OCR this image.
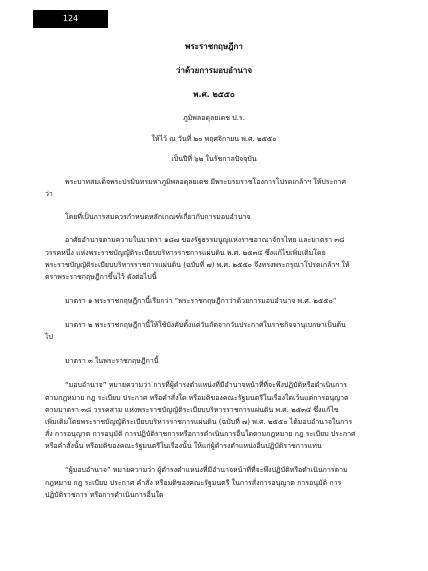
124
พระราชกฤษฎีกา
ว่าด้วยการมอบอำนาจ
พ.ศ. ๒๕๕๐
ภูมิพลอดุลยเดช ป.ร.
ให้ไว้ ณ วันที่ ๒๐ พฤศจิกายน พ.ศ. ๒๕๕๐
เป็นปีที่ ๖๒ ในรัชกาลปัจจุบัน
พระบาทสมเด็จพระปรมินทรมหาภูมิพลอดุลยเดช มีพระบรมราชโองการโปรดเกล้าฯ ให้ประกาศ
ว่า
โดยที่เป็นการสมควรกำหนดหลักเกณฑ์เกี่ยวกับการมอบอำนาจ
อาศัยอำนาจตามความในมาตรา ๑๘๗ ของรัฐธรรมนูญแห่งราชอาณาจักรไทย และมาตรา ๓๘
วรรคหนึ่ง แห่งพระราชบัญญัติระเบียบบริหารราชการแผ่นดิน พ.ศ. ๒๕๓๔ ซึ่งแก้ไขเพิ่มเติมโดย
พระราชบัญญัติระเบียบบริหารราชการแผ่นดิน (ฉบับที่ ๗) พ.ศ. ๒๕๕๐ จึงทรงพระกรุณาโปรดเกล้าฯ ให้
ตราพระราชกฤษฎีกาขึ้นไว้ ดังต่อไปนี้
มาตรา ๑ พระราชกฤษฎีกานี้เรียกว่า “พระราชกฤษฎีกาว่าด้วยการมอบอำนาจ พ.ศ. ๒๕๕๐”
มาตรา ๒ พระราชกฤษฎีกานี้ให้ใช้บังคับตั้งแต่วันถัดจากวันประกาศในราชกิจจานุเบกษาเป็นต้น
ไป
มาตรา ๓ ในพระราชกฤษฎีกานี้
“มอบอำนาจ” หมายความว่า การที่ผู้ดำรงตำแหน่งที่มีอำนาจหน้าที่ที่จะพึงปฏิบัติหรือดำเนินการ
ตามกฎหมาย กฎ ระเบียบ ประกาศ หรือคำสั่งใด หรือมติของคณะรัฐมนตรีในเรื่องใดเว้นแต่การอนุญาต
ตามมาตรา ๓๘ วรรคสาม แห่งพระราชบัญญัติระเบียบบริหารราชการแผ่นดิน พ.ศ. ๒๕๓๔ ซึ่งแก้ไข
เพิ่มเติมโดยพระราชบัญญัติระเบียบบริหารราชการแผ่นดิน (ฉบับที่ ๗) พ.ศ. ๒๕๕๐ ได้มอบอำนาจในการ
สั่ง การอนุญาต การอนุมัติ การปฏิบัติราชการหรือการดำเนินการอื่นใดตามกฎหมาย กฎ ระเบียบ ประกาศ
หรือคำสั่งนั้น หรือมติของคณะรัฐมนตรีในเรื่องนั้น ให้แก่ผู้ดำรงตำแหน่งอื่นปฏิบัติราชการแทน
“ผู้มอบอำนาจ” หมายความว่า ผู้ดำรงตำแหน่งที่มีอำนาจหน้าที่ที่จะพึงปฏิบัติหรือดำเนินการตาม
กฎหมาย กฎ ระเบียบ ประกาศ คำสั่ง หรือมติของคณะรัฐมนตรี ในการสั่งการอนุญาต การอนุมัติ การ
ปฏิบัติราชการ หรือการดำเนินการอื่นใด
